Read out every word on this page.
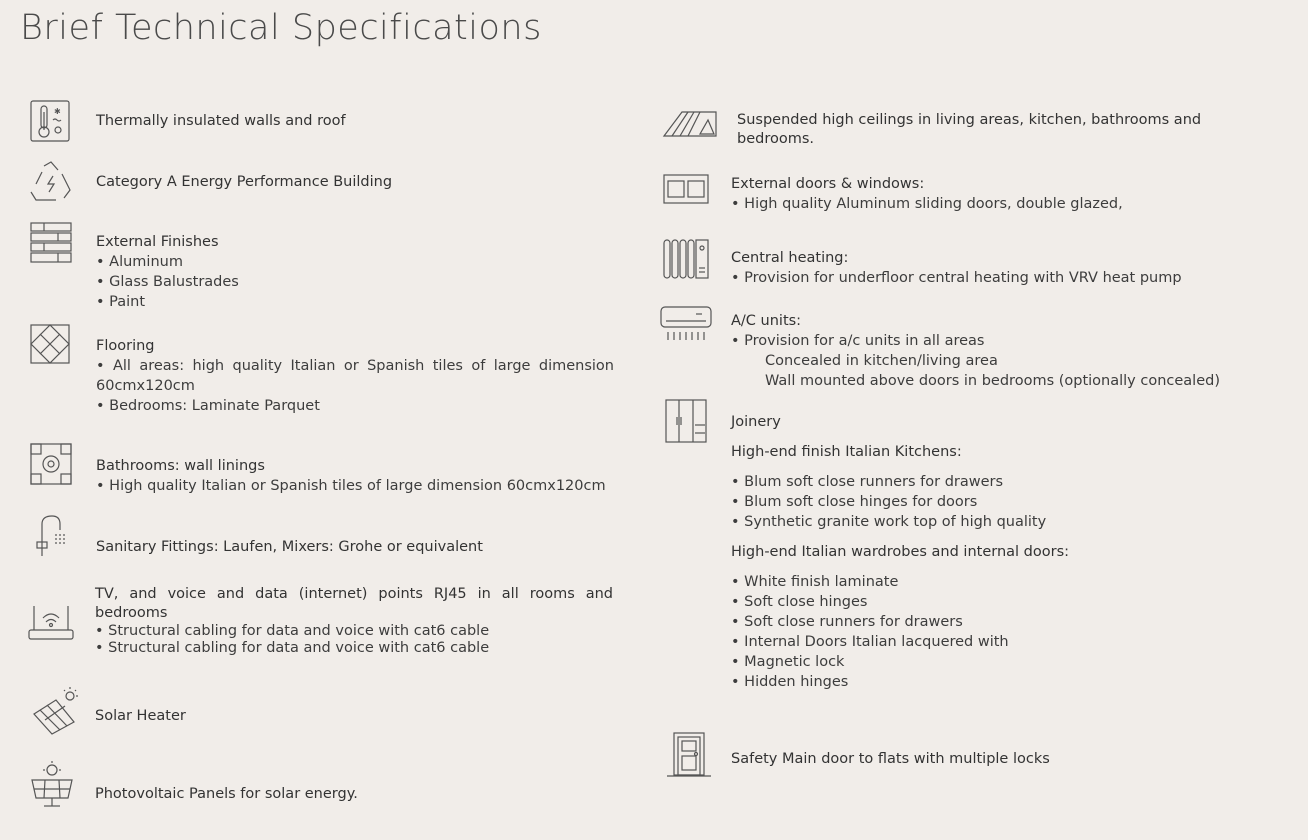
Brief Technical Specifications
✱
Thermally insulated walls and roof
Category A Energy Performance Building
External Finishes
• Aluminum
• Glass Balustrades
• Paint
Flooring
• All areas: high quality Italian or Spanish tiles of large dimension 60cmx120cm
• Bedrooms: Laminate Parquet
Bathrooms: wall linings
• High quality Italian or Spanish tiles of large dimension 60cmx120cm
Sanitary Fittings: Laufen, Mixers: Grohe or equivalent
TV, and voice and data (internet) points RJ45 in all rooms and bedrooms
• Structural cabling for data and voice with cat6 cable
• Structural cabling for data and voice with cat6 cable
Solar Heater
Photovoltaic Panels for solar energy.
Suspended high ceilings in living areas, kitchen, bathrooms and bedrooms.
External doors & windows:
• High quality Aluminum sliding doors, double glazed,
Central heating:
• Provision for underfloor central heating with VRV heat pump
A/C units:
• Provision for a/c units in all areas
Concealed in kitchen/living area
Wall mounted above doors in bedrooms (optionally concealed)
Joinery
High-end finish Italian Kitchens:
• Blum soft close runners for drawers
• Blum soft close hinges for doors
• Synthetic granite work top of high quality
High-end Italian wardrobes and internal doors:
• White finish laminate
• Soft close hinges
• Soft close runners for drawers
• Internal Doors Italian lacquered with
• Magnetic lock
• Hidden hinges
Safety Main door to flats with multiple locks
